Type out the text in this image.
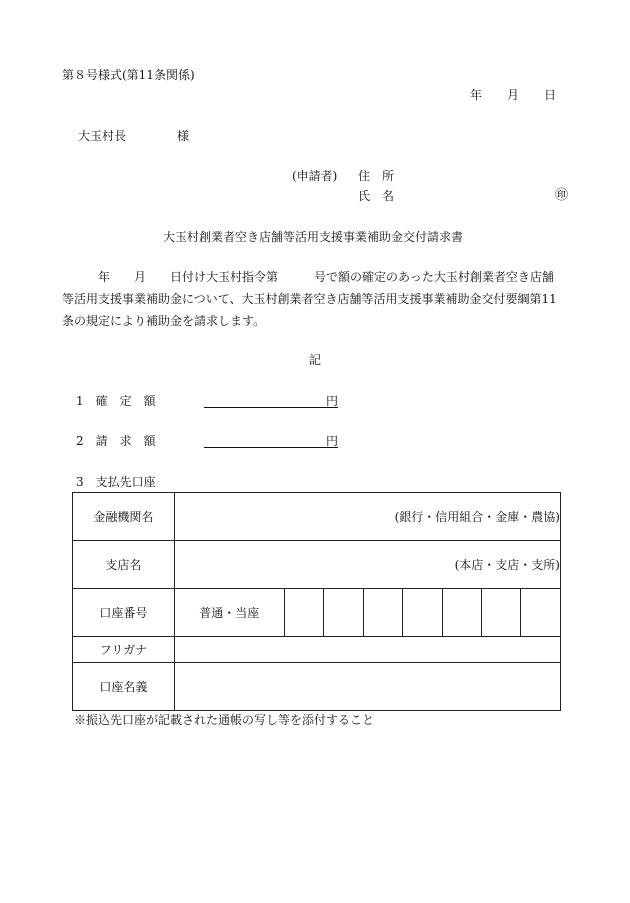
第８号様式(第11条関係)
年 月 日
大玉村長	様
(申請者) 住　所
氏　名	㊞
大玉村創業者空き店舗等活用支援事業補助金交付請求書
　　　年　　月　　日付け大玉村指令第　　　号で額の確定のあった大玉村創業者空き店舗
等活用支援事業補助金について、大玉村創業者空き店舗等活用支援事業補助金交付要綱第11
条の規定により補助金を請求します。
記
1　確　定　額	円
2　請　求　額	円
3　支払先口座
金融機関名	(銀行・信用組合・金庫・農協)							
支店名	(本店・支店・支所)							
口座番号	普通・当座							
フリガナ								
口座名義								
※振込先口座が記載された通帳の写し等を添付すること
